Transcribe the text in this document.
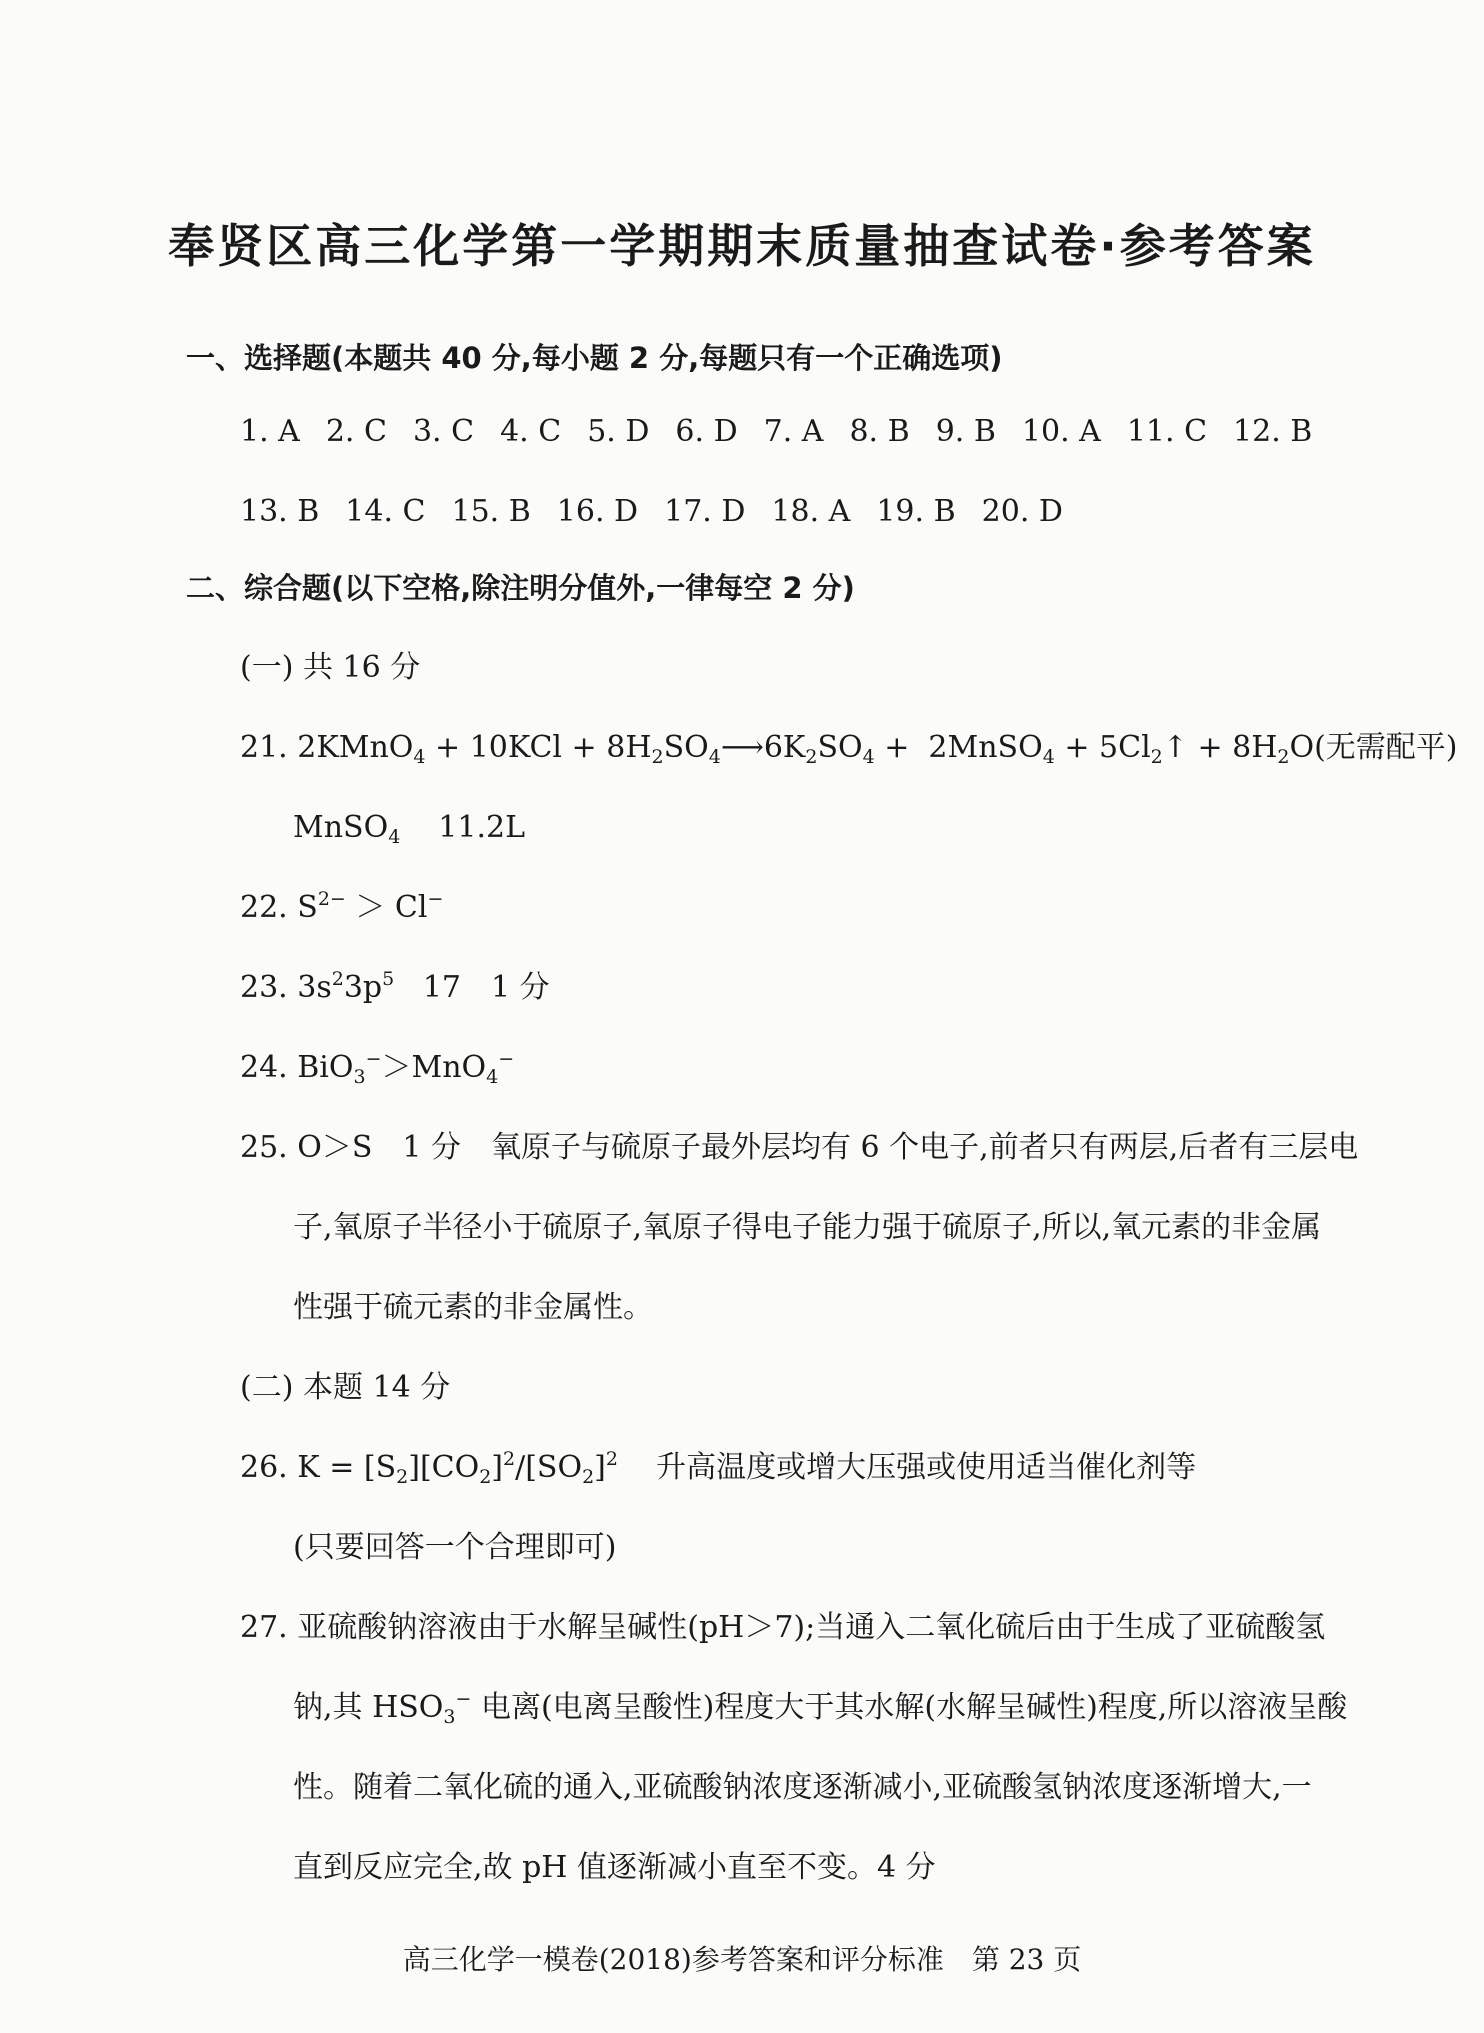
奉贤区高三化学第一学期期末质量抽查试卷·参考答案
一、选择题(本题共 40 分,每小题 2 分,每题只有一个正确选项)
1. A 2. C 3. C 4. C 5. D 6. D 7. A 8. B 9. B 10. A 11. C 12. B
13. B 14. C 15. B 16. D 17. D 18. A 19. B 20. D
二、综合题(以下空格,除注明分值外,一律每空 2 分)
(一) 共 16 分
21. 2KMnO$_4$ + $10KCl + 8H_2SO_4⟶6K_2SO_4$ +  2MnSO$_4$ + $5Cl_2↑ + 8H_2O$(无需配平)
MnSO$_4$ 11.2L
22. $S^{2-} > Cl^-$
23. $3s^23p^5$ 17　1 分
24. BiO$_3$−＞MnO$_4$−
25. O＞S　1 分　氧原子与硫原子最外层均有 6 个电子,前者只有两层,后者有三层电
子,氧原子半径小于硫原子,氧原子得电子能力强于硫原子,所以,氧元素的非金属
性强于硫元素的非金属性。
(二) 本题 14 分
26. $K = [S_2][CO_2]^2/[SO_2]^2$ 升高温度或增大压强或使用适当催化剂等
(只要回答一个合理即可)
27. 亚硫酸钠溶液由于水解呈碱性(pH＞7);当通入二氧化硫后由于生成了亚硫酸氢
钠,其 $HSO_3^-$ 电离(电离呈酸性)程度大于其水解(水解呈碱性)程度,所以溶液呈酸
性。随着二氧化硫的通入,亚硫酸钠浓度逐渐减小,亚硫酸氢钠浓度逐渐增大,一
直到反应完全,故 pH 值逐渐减小直至不变。4 分
高三化学一模卷(2018)参考答案和评分标准　第 23 页
